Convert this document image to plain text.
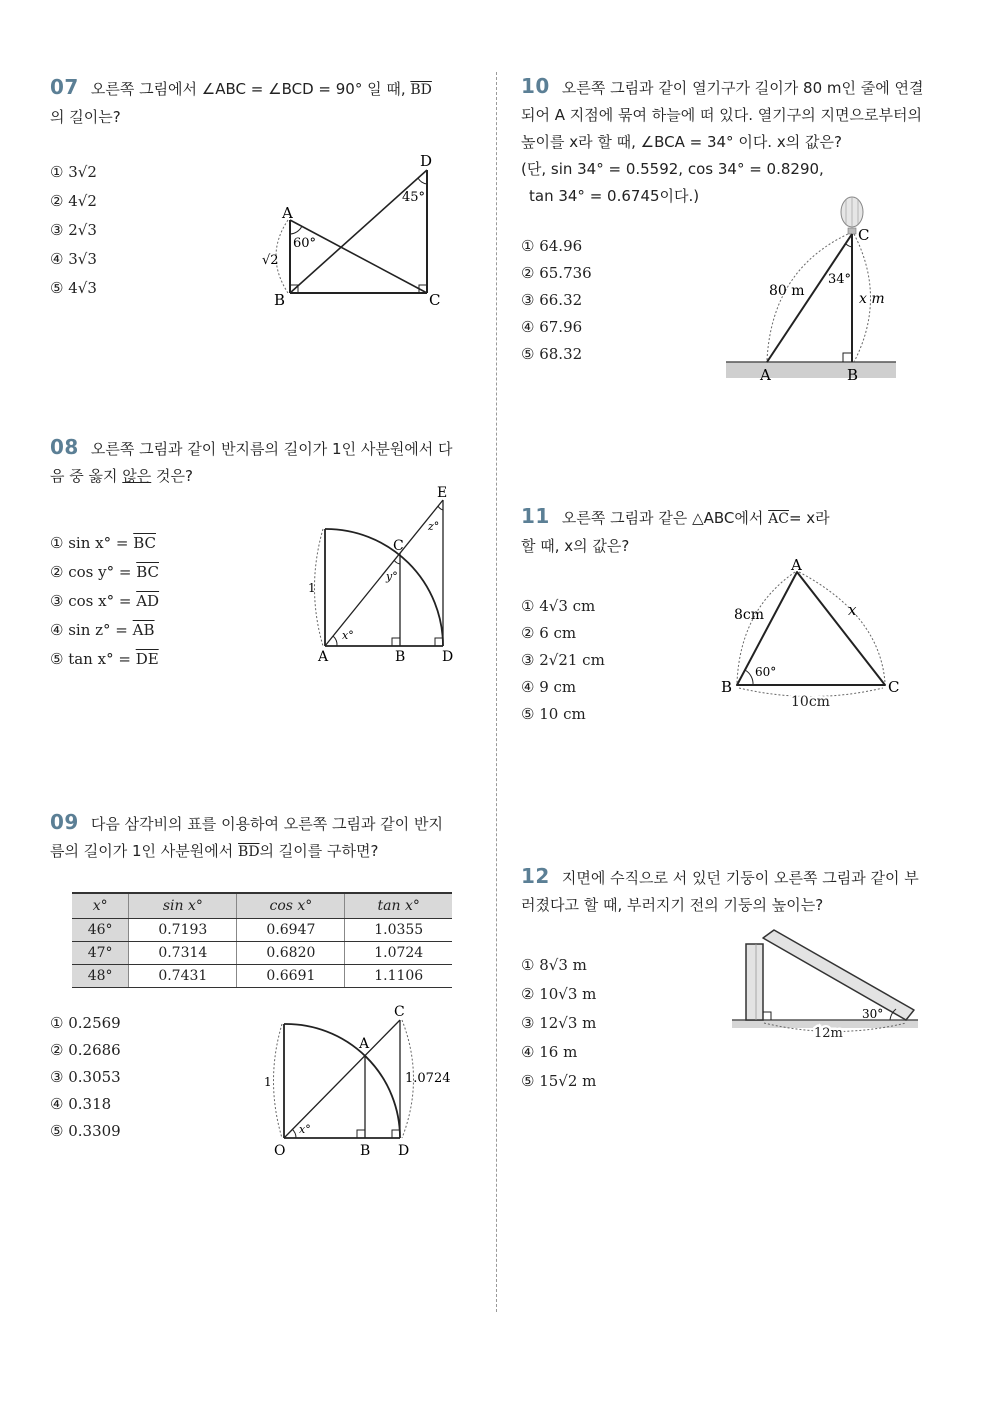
07 오른쪽 그림에서 ∠ABC = ∠BCD = 90° 일 때, $\overline{BD}$
의 길이는?
① 3√2
② 4√2
③ 2√3
④ 3√3
⑤ 4√3
A
B	C
D
60°
45°
√2
08 오른쪽 그림과 같이 반지름의 길이가 1인 사분원에서 다
음 중 옳지 않은 것은?
① $\sin x^\circ = \overline{BC}$
② $\cos y^\circ = \overline{BC}$
③ $\cos x^\circ = \overline{AD}$
④ $\sin z^\circ = \overline{AB}$
⑤ $\tan x^\circ = \overline{DE}$	A	B
C
D
E
1
x°
y°
z°
09 다음 삼각비의 표를 이용하여 오른쪽 그림과 같이 반지
름의 길이가 1인 사분원에서 $\overline{BD}$의 길이를 구하면?
x°	sin x°	cos x°	tan x°
46°	0.7193	0.6947	1.0355
47°	0.7314	0.6820	1.0724
48°	0.7431	0.6691	1.1106
① 0.2569
② 0.2686
③ 0.3053
④ 0.318
⑤ 0.3309
O
A
B
C
D
1	1.0724
x°
10 오른쪽 그림과 같이 열기구가 길이가 80 m인 줄에 연결
되어 A 지점에 묶여 하늘에 떠 있다. 열기구의 지면으로부터의
높이를 x라 할 때, ∠BCA = 34° 이다. x의 값은?
(단, sin 34° = 0.5592, cos 34° = 0.8290,
tan 34° = 0.6745이다.)
① 64.96
② 65.736
③ 66.32
④ 67.96
⑤ 68.32
A	B
C
80 m	x m
34°
11 오른쪽 그림과 같은 △ABC에서 $\overline{AC}= x$라
할 때, x의 값은?
① 4√3 cm
② 6 cm
③ 2√21 cm
④ 9 cm
⑤ 10 cm
A
B	C
8cm	x
10cm
60°
12 지면에 수직으로 서 있던 기둥이 오른쪽 그림과 같이 부
러졌다고 할 때, 부러지기 전의 기둥의 높이는?
① 8√3 m
② 10√3 m
③ 12√3 m
④ 16 m
⑤ 15√2 m
12m
30°
